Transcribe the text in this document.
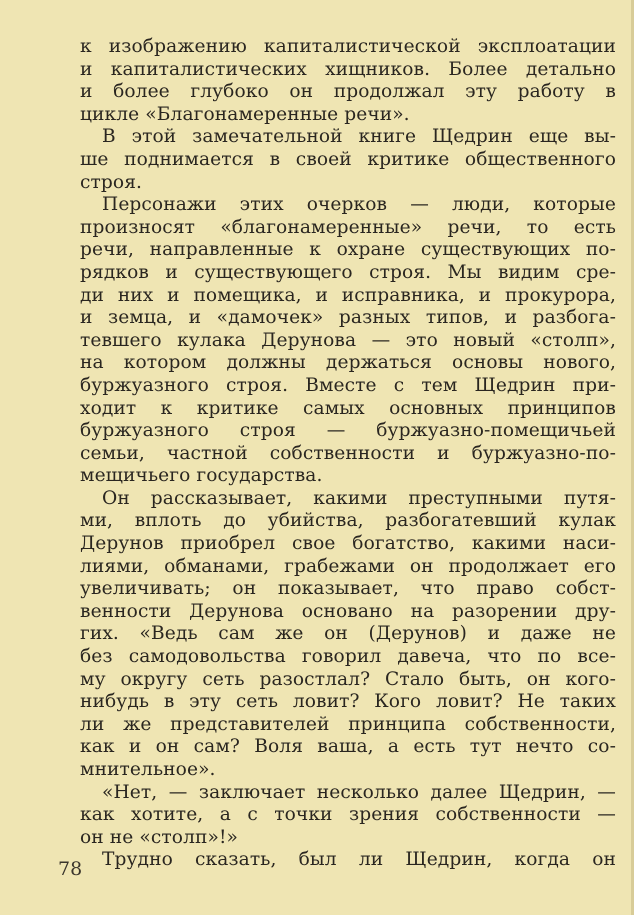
к изображению капиталистической эксплоатации
и капиталистических хищников. Более детально
и более глубоко он продолжал эту работу в
цикле «Благонамеренные речи».
В этой замечательной книге Щедрин еще вы-
ше поднимается в своей критике общественного
строя.
Персонажи этих очерков — люди, которые
произносят «благонамеренные» речи, то есть
речи, направленные к охране существующих по-
рядков и существующего строя. Мы видим сре-
ди них и помещика, и исправника, и прокурора,
и земца, и «дамочек» разных типов, и разбога-
тевшего кулака Дерунова — это новый «столп»,
на котором должны держаться основы нового,
буржуазного строя. Вместе с тем Щедрин при-
ходит к критике самых основных принципов
буржуазного строя — буржуазно-помещичьей
семьи, частной собственности и буржуазно-по-
мещичьего государства.
Он рассказывает, какими преступными путя-
ми, вплоть до убийства, разбогатевший кулак
Дерунов приобрел свое богатство, какими наси-
лиями, обманами, грабежами он продолжает его
увеличивать; он показывает, что право собст-
венности Дерунова основано на разорении дру-
гих. «Ведь сам же он (Дерунов) и даже не
без самодовольства говорил давеча, что по все-
му округу сеть разостлал? Стало быть, он кого-
нибудь в эту сеть ловит? Кого ловит? Не таких
ли же представителей принципа собственности,
как и он сам? Воля ваша, а есть тут нечто со-
мнительное».
«Нет, — заключает несколько далее Щедрин, —
как хотите, а с точки зрения собственности —
он не «столп»!»
Трудно сказать, был ли Щедрин, когда он
78
